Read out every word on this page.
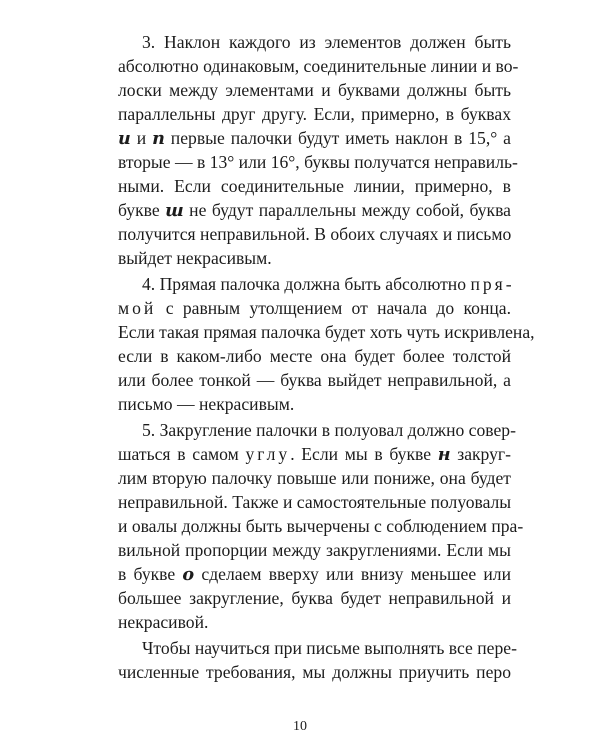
3. Наклон каждого из элементов должен быть
абсолютно одинаковым, соединительные линии и во-
лоски между элементами и буквами должны быть
параллельны друг другу. Если, примерно, в буквах
и и п первые палочки будут иметь наклон в 15,° а
вторые — в 13° или 16°, буквы получатся неправиль-
ными. Если соединительные линии, примерно, в
букве ш не будут параллельны между собой, буква
получится неправильной. В обоих случаях и письмо
выйдет некрасивым.
4. Прямая палочка должна быть абсолютно пря-
мой с равным утолщением от начала до конца.
Если такая прямая палочка будет хоть чуть искривлена,
если в каком-либо месте она будет более толстой
или более тонкой — буква выйдет неправильной, а
письмо — некрасивым.
5. Закругление палочки в полуовал должно совер-
шаться в самом углу. Если мы в букве н закруг-
лим вторую палочку повыше или пониже, она будет
неправильной. Также и самостоятельные полуовалы
и овалы должны быть вычерчены с соблюдением пра-
вильной пропорции между закруглениями. Если мы
в букве о сделаем вверху или внизу меньшее или
большее закругление, буква будет неправильной и
10
некрасивой.
Чтобы научиться при письме выполнять все пере-
численные требования, мы должны приучить перо
